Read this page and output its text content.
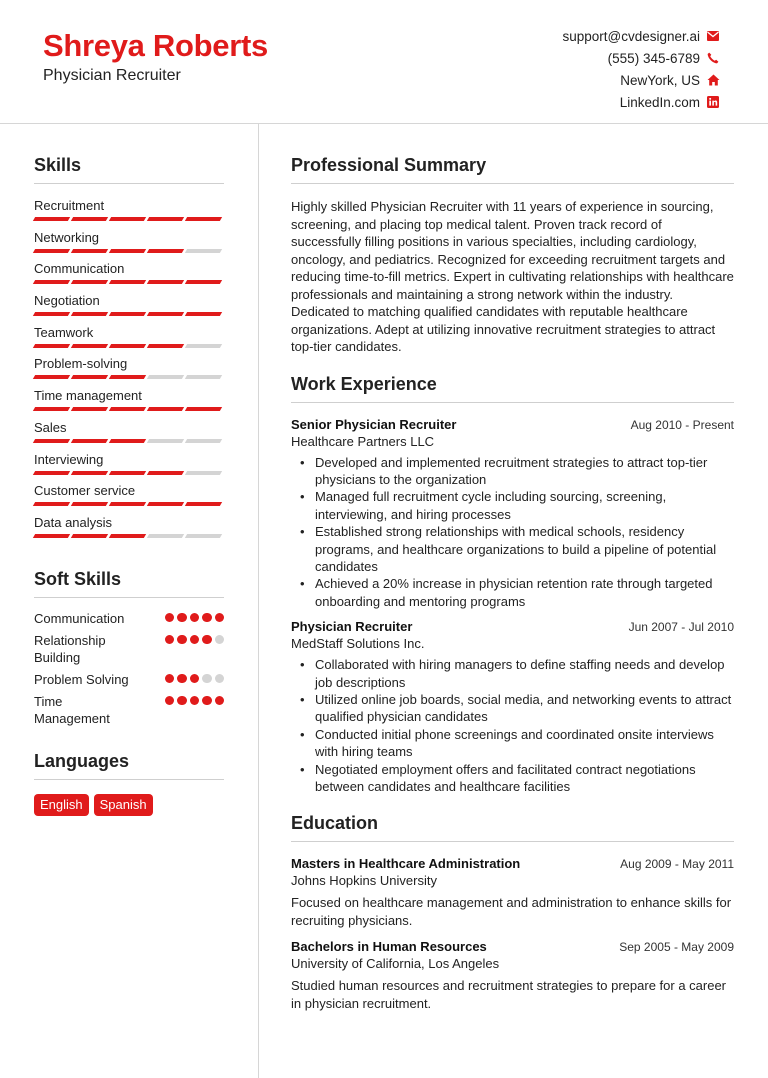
Shreya Roberts
Physician Recruiter
support@cvdesigner.ai
(555) 345-6789
NewYork, US
LinkedIn.com
Skills
Recruitment
Networking
Communication
Negotiation
Teamwork
Problem-solving
Time management
Sales
Interviewing
Customer service
Data analysis
Soft Skills
Communication
Relationship Building
Problem Solving
Time Management
Languages
English	Spanish
Professional Summary

Highly skilled Physician Recruiter with 11 years of experience in sourcing, screening, and placing top medical talent. Proven track record of successfully filling positions in various specialties, including cardiology, oncology, and pediatrics. Recognized for exceeding recruitment targets and reducing time-to-fill metrics. Expert in cultivating relationships with healthcare professionals and maintaining a strong network within the industry. Dedicated to matching qualified candidates with reputable healthcare organizations. Adept at utilizing innovative recruitment strategies to attract top-tier candidates.

Work Experience
Senior Physician Recruiter	Aug 2010 - Present
Healthcare Partners LLC
• Developed and implemented recruitment strategies to attract top-tier physicians to the organization
• Managed full recruitment cycle including sourcing, screening, interviewing, and hiring processes
• Established strong relationships with medical schools, residency programs, and healthcare organizations to build a pipeline of potential candidates
• Achieved a 20% increase in physician retention rate through targeted onboarding and mentoring programs
Physician Recruiter	Jun 2007 - Jul 2010
MedStaff Solutions Inc.
• Collaborated with hiring managers to define staffing needs and develop job descriptions
• Utilized online job boards, social media, and networking events to attract qualified physician candidates
• Conducted initial phone screenings and coordinated onsite interviews with hiring teams
• Negotiated employment offers and facilitated contract negotiations between candidates and healthcare facilities
Education
Masters in Healthcare Administration	Aug 2009 - May 2011
Johns Hopkins University

Focused on healthcare management and administration to enhance skills for recruiting physicians.

Bachelors in Human Resources	Sep 2005 - May 2009
University of California, Los Angeles

Studied human resources and recruitment strategies to prepare for a career in physician recruitment.
